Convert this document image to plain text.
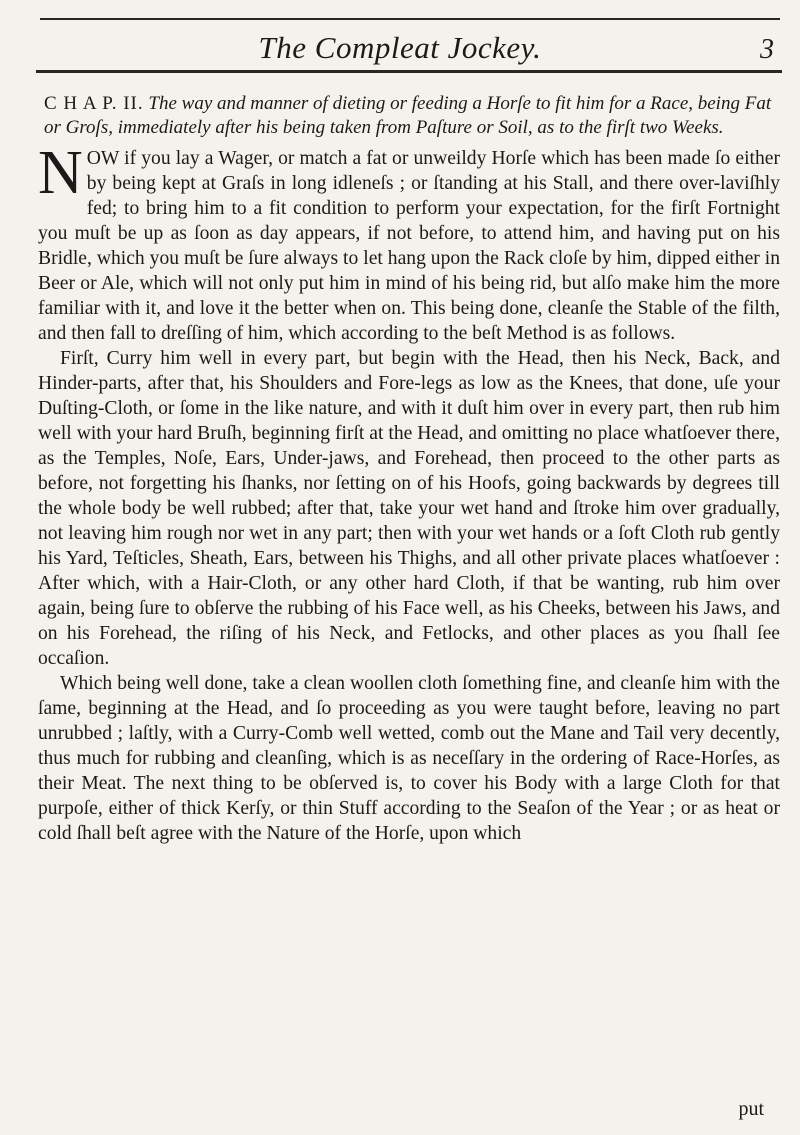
The Compleat Jockey.	3

C H A P. II. The way and manner of dieting or feeding a Horſe to fit him for a Race, being Fat or Groſs, immediately after his being taken from Paſture or Soil, as to the firſt two Weeks.

NOW if you lay a Wager, or match a fat or unweildy Horſe which has been made ſo either by being kept at Graſs in long idleneſs ; or ſtanding at his Stall, and there over-laviſhly fed; to bring him to a fit condition to perform your expectation, for the firſt Fortnight you muſt be up as ſoon as day appears, if not before, to attend him, and having put on his Bridle, which you muſt be ſure always to let hang upon the Rack cloſe by him, dipped either in Beer or Ale, which will not only put him in mind of his being rid, but alſo make him the more familiar with it, and love it the better when on. This being done, cleanſe the Stable of the filth, and then fall to dreſſing of him, which according to the beſt Method is as follows.

Firſt, Curry him well in every part, but begin with the Head, then his Neck, Back, and Hinder-parts, after that, his Shoulders and Fore-legs as low as the Knees, that done, uſe your Duſting-Cloth, or ſome in the like nature, and with it duſt him over in every part, then rub him well with your hard Bruſh, beginning firſt at the Head, and omitting no place whatſoever there, as the Temples, Noſe, Ears, Under-jaws, and Forehead, then proceed to the other parts as before, not forgetting his ſhanks, nor ſetting on of his Hoofs, going backwards by degrees till the whole body be well rubbed; after that, take your wet hand and ſtroke him over gradually, not leaving him rough nor wet in any part; then with your wet hands or a ſoft Cloth rub gently his Yard, Teſticles, Sheath, Ears, between his Thighs, and all other private places whatſoever : After which, with a Hair-Cloth, or any other hard Cloth, if that be wanting, rub him over again, being ſure to obſerve the rubbing of his Face well, as his Cheeks, between his Jaws, and on his Forehead, the riſing of his Neck, and Fetlocks, and other places as you ſhall ſee occaſion.

Which being well done, take a clean woollen cloth ſomething fine, and cleanſe him with the ſame, beginning at the Head, and ſo proceeding as you were taught before, leaving no part unrubbed ; laſtly, with a Curry-Comb well wetted, comb out the Mane and Tail very decently, thus much for rubbing and cleanſing, which is as neceſſary in the ordering of Race-Horſes, as their Meat. The next thing to be obſerved is, to cover his Body with a large Cloth for that purpoſe, either of thick Kerſy, or thin Stuff according to the Seaſon of the Year ; or as heat or cold ſhall beſt agree with the Nature of the Horſe, upon which

put
